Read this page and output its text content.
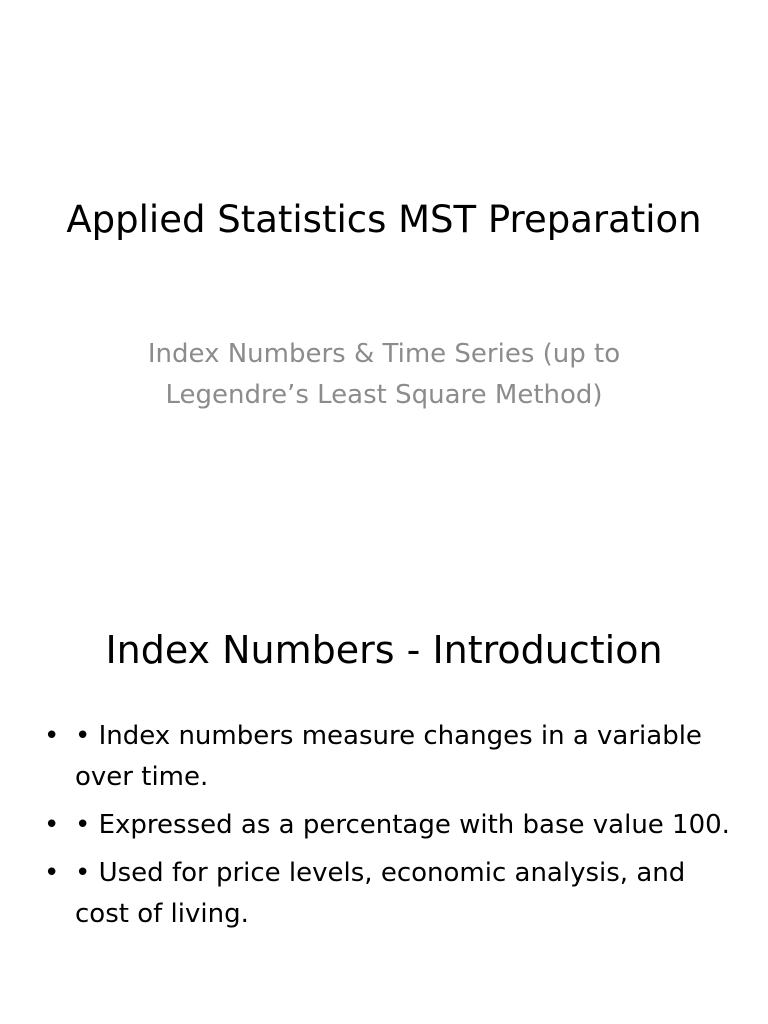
Applied Statistics MST Preparation

Index Numbers & Time Series (up to Legendre’s Least Square Method)

Index Numbers - Introduction
• • Index numbers measure changes in a variable over time.
• • Expressed as a percentage with base value 100.
• • Used for price levels, economic analysis, and cost of living.
